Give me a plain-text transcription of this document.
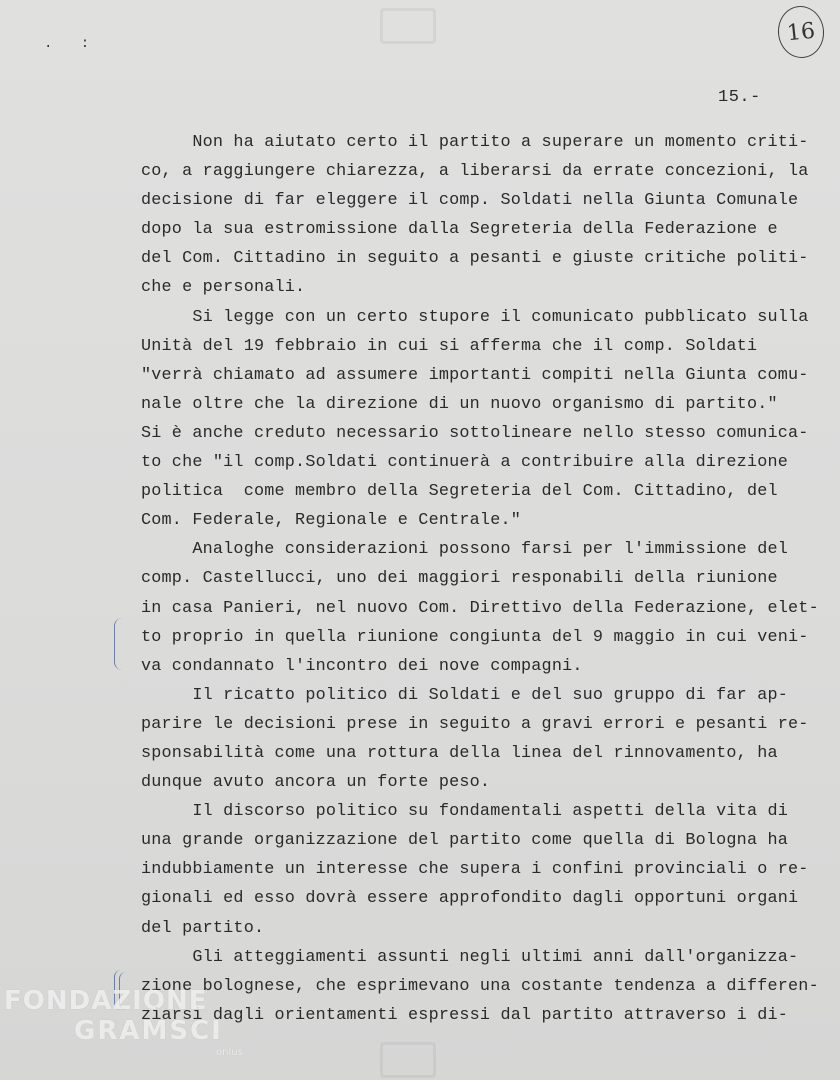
. :	16
15.-
Non ha aiutato certo il partito a superare un momento criti-
co, a raggiungere chiarezza, a liberarsi da errate concezioni, la
decisione di far eleggere il comp. Soldati nella Giunta Comunale
dopo la sua estromissione dalla Segreteria della Federazione e
del Com. Cittadino in seguito a pesanti e giuste critiche politi-
che e personali.
Si legge con un certo stupore il comunicato pubblicato sulla
Unità del 19 febbraio in cui si afferma che il comp. Soldati
"verrà chiamato ad assumere importanti compiti nella Giunta comu-
nale oltre che la direzione di un nuovo organismo di partito."
Si è anche creduto necessario sottolineare nello stesso comunica-
to che "il comp.Soldati continuerà a contribuire alla direzione
politica  come membro della Segreteria del Com. Cittadino, del
Com. Federale, Regionale e Centrale."
Analoghe considerazioni possono farsi per l'immissione del
comp. Castellucci, uno dei maggiori responabili della riunione
in casa Panieri, nel nuovo Com. Direttivo della Federazione, elet-
to proprio in quella riunione congiunta del 9 maggio in cui veni-
va condannato l'incontro dei nove compagni.
Il ricatto politico di Soldati e del suo gruppo di far ap-
parire le decisioni prese in seguito a gravi errori e pesanti re-
sponsabilità come una rottura della linea del rinnovamento, ha
dunque avuto ancora un forte peso.
Il discorso politico su fondamentali aspetti della vita di
una grande organizzazione del partito come quella di Bologna ha
indubbiamente un interesse che supera i confini provinciali o re-
gionali ed esso dovrà essere approfondito dagli opportuni organi
del partito.
Gli atteggiamenti assunti negli ultimi anni dall'organizza-
zione bolognese, che esprimevano una costante tendenza a differen-
ziarsi dagli orientamenti espressi dal partito attraverso i di-
FONDAZIONE
GRAMSCI
onlus
